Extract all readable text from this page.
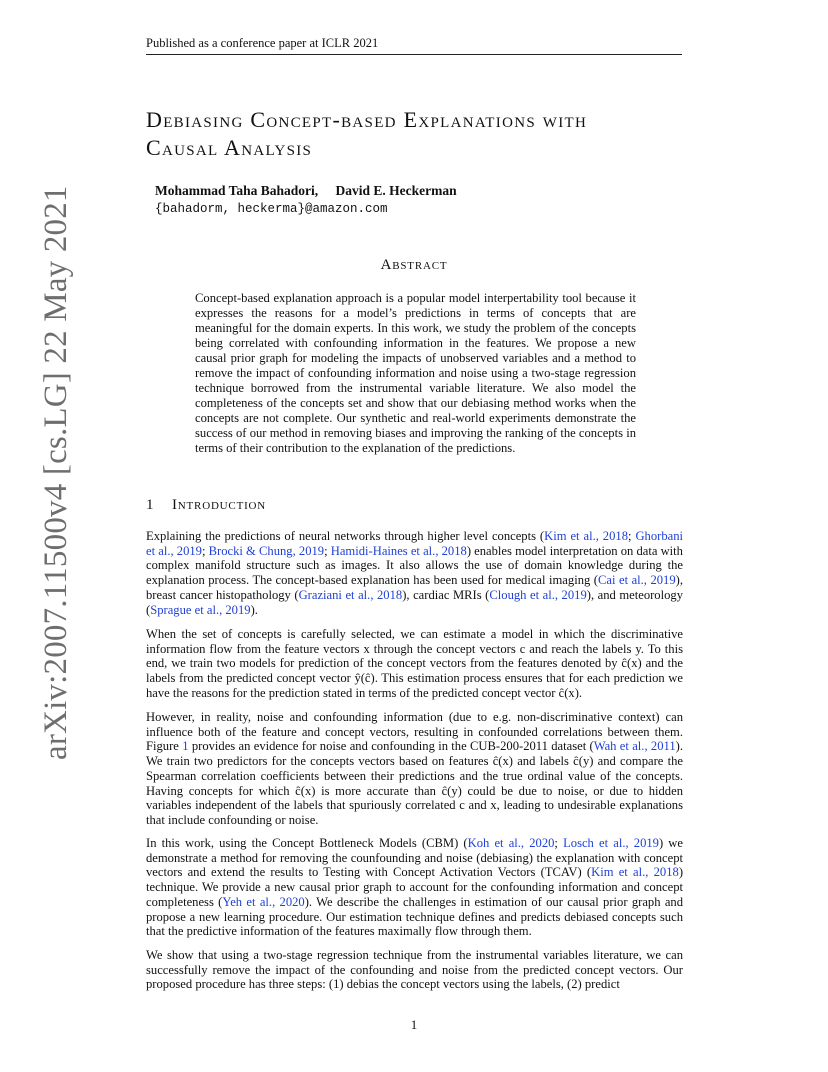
Published as a conference paper at ICLR 2021
arXiv:2007.11500v4 [cs.LG] 22 May 2021
Debiasing Concept-based Explanations with
Causal Analysis
Mohammad Taha Bahadori, David E. Heckerman
{bahadorm, heckerma}@amazon.com
Abstract
Concept-based explanation approach is a popular model interpertability tool because it expresses the reasons for a model’s predictions in terms of concepts that are meaningful for the domain experts. In this work, we study the problem of the concepts being correlated with confounding information in the features. We propose a new causal prior graph for modeling the impacts of unobserved variables and a method to remove the impact of confounding information and noise using a two-stage regression technique borrowed from the instrumental variable literature. We also model the completeness of the concepts set and show that our debiasing method works when the concepts are not complete. Our synthetic and real-world experiments demonstrate the success of our method in removing biases and improving the ranking of the concepts in terms of their contribution to the explanation of the predictions.
1 Introduction

Explaining the predictions of neural networks through higher level concepts (Kim et al., 2018; Ghorbani et al., 2019; Brocki & Chung, 2019; Hamidi-Haines et al., 2018) enables model interpretation on data with complex manifold structure such as images. It also allows the use of domain knowledge during the explanation process. The concept-based explanation has been used for medical imaging (Cai et al., 2019), breast cancer histopathology (Graziani et al., 2018), cardiac MRIs (Clough et al., 2019), and meteorology (Sprague et al., 2019).

When the set of concepts is carefully selected, we can estimate a model in which the discriminative information flow from the feature vectors x through the concept vectors c and reach the labels y. To this end, we train two models for prediction of the concept vectors from the features denoted by ĉ(x) and the labels from the predicted concept vector ŷ(ĉ). This estimation process ensures that for each prediction we have the reasons for the prediction stated in terms of the predicted concept vector ĉ(x).

However, in reality, noise and confounding information (due to e.g. non-discriminative context) can influence both of the feature and concept vectors, resulting in confounded correlations between them. Figure 1 provides an evidence for noise and confounding in the CUB-200-2011 dataset (Wah et al., 2011). We train two predictors for the concepts vectors based on features ĉ(x) and labels ĉ(y) and compare the Spearman correlation coefficients between their predictions and the true ordinal value of the concepts. Having concepts for which ĉ(x) is more accurate than ĉ(y) could be due to noise, or due to hidden variables independent of the labels that spuriously correlated c and x, leading to undesirable explanations that include confounding or noise.

In this work, using the Concept Bottleneck Models (CBM) (Koh et al., 2020; Losch et al., 2019) we demonstrate a method for removing the counfounding and noise (debiasing) the explanation with concept vectors and extend the results to Testing with Concept Activation Vectors (TCAV) (Kim et al., 2018) technique. We provide a new causal prior graph to account for the confounding information and concept completeness (Yeh et al., 2020). We describe the challenges in estimation of our causal prior graph and propose a new learning procedure. Our estimation technique defines and predicts debiased concepts such that the predictive information of the features maximally flow through them.

We show that using a two-stage regression technique from the instrumental variables literature, we can successfully remove the impact of the confounding and noise from the predicted concept vectors. Our proposed procedure has three steps: (1) debias the concept vectors using the labels, (2) predict

1
